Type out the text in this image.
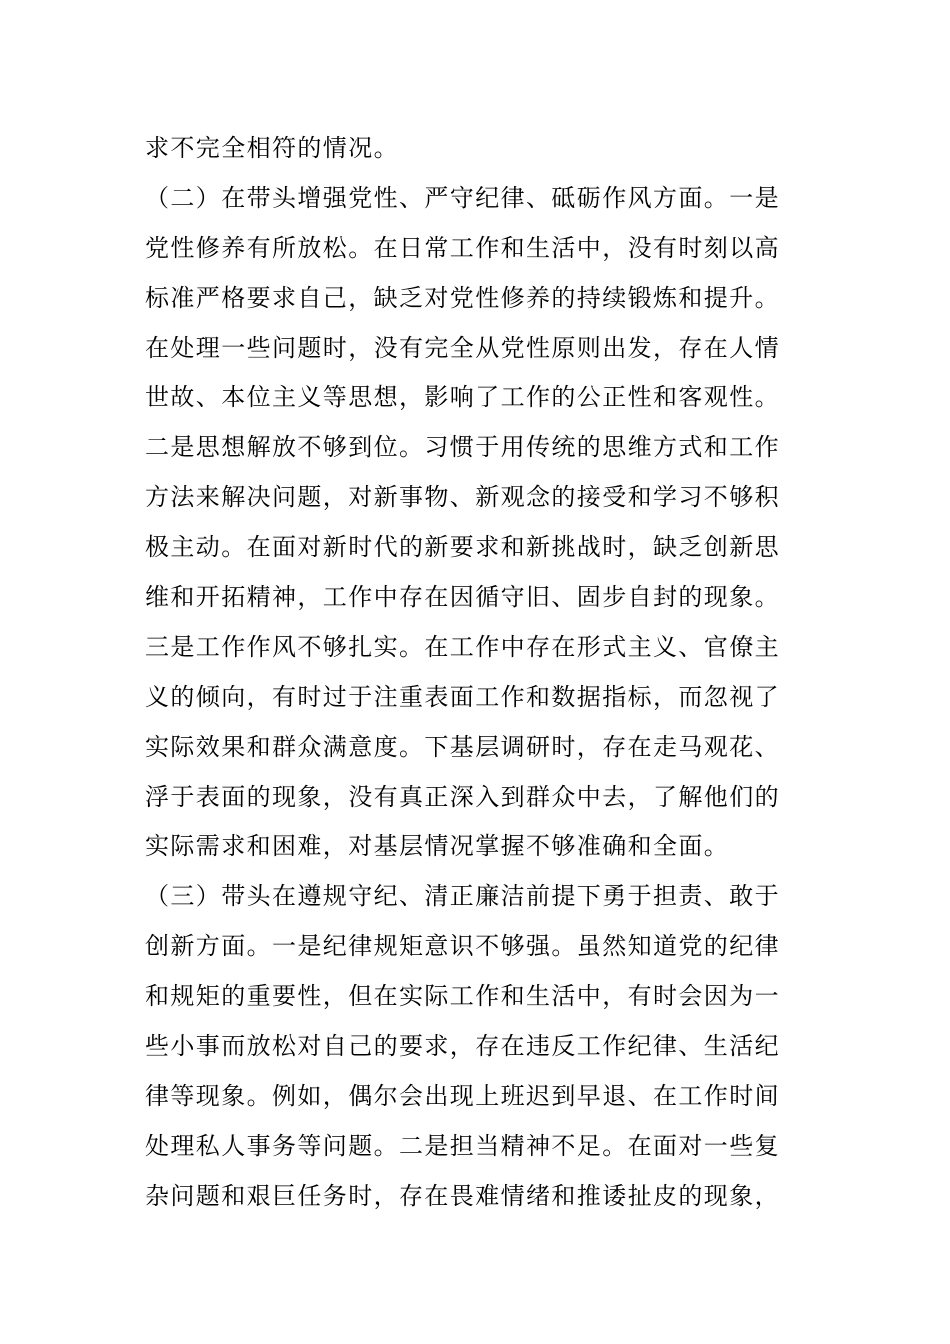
求不完全相符的情况。
（二）在带头增强党性、严守纪律、砥砺作风方面。一是
党性修养有所放松。在日常工作和生活中，没有时刻以高
标准严格要求自己，缺乏对党性修养的持续锻炼和提升。
在处理一些问题时，没有完全从党性原则出发，存在人情
世故、本位主义等思想，影响了工作的公正性和客观性。
二是思想解放不够到位。习惯于用传统的思维方式和工作
方法来解决问题，对新事物、新观念的接受和学习不够积
极主动。在面对新时代的新要求和新挑战时，缺乏创新思
维和开拓精神，工作中存在因循守旧、固步自封的现象。
三是工作作风不够扎实。在工作中存在形式主义、官僚主
义的倾向，有时过于注重表面工作和数据指标，而忽视了
实际效果和群众满意度。下基层调研时，存在走马观花、
浮于表面的现象，没有真正深入到群众中去，了解他们的
实际需求和困难，对基层情况掌握不够准确和全面。
（三）带头在遵规守纪、清正廉洁前提下勇于担责、敢于
创新方面。一是纪律规矩意识不够强。虽然知道党的纪律
和规矩的重要性，但在实际工作和生活中，有时会因为一
些小事而放松对自己的要求，存在违反工作纪律、生活纪
律等现象。例如，偶尔会出现上班迟到早退、在工作时间
处理私人事务等问题。二是担当精神不足。在面对一些复
杂问题和艰巨任务时，存在畏难情绪和推诿扯皮的现象，
